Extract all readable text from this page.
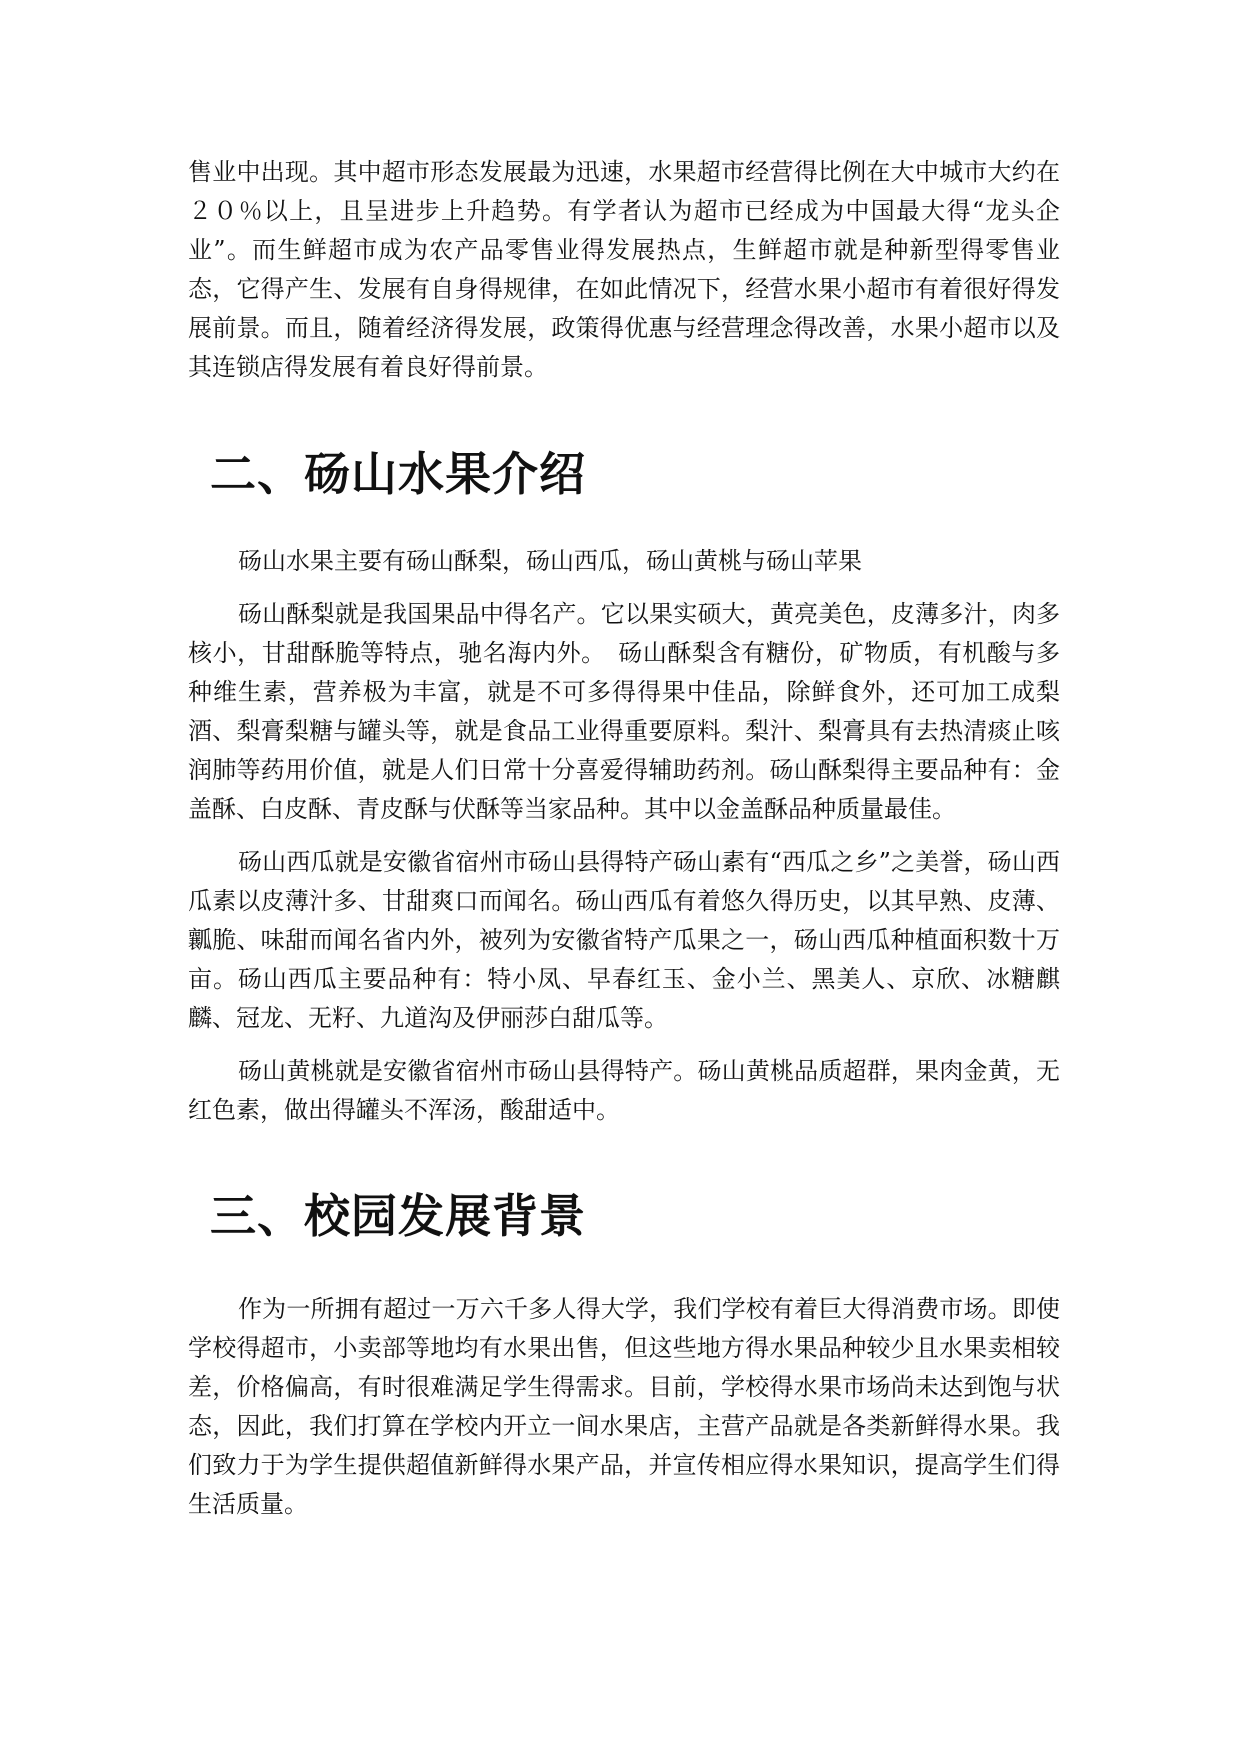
售业中出现。其中超市形态发展最为迅速，水果超市经营得比例在大中城市大约在２０％以上，且呈进步上升趋势。有学者认为超市已经成为中国最大得“龙头企业”。而生鲜超市成为农产品零售业得发展热点，生鲜超市就是种新型得零售业态，它得产生、发展有自身得规律，在如此情况下，经营水果小超市有着很好得发展前景。而且，随着经济得发展，政策得优惠与经营理念得改善，水果小超市以及其连锁店得发展有着良好得前景。

二、砀山水果介绍

砀山水果主要有砀山酥梨，砀山西瓜，砀山黄桃与砀山苹果

砀山酥梨就是我国果品中得名产。它以果实硕大，黄亮美色，皮薄多汁，肉多核小，甘甜酥脆等特点，驰名海内外。　砀山酥梨含有糖份，矿物质，有机酸与多种维生素，营养极为丰富，就是不可多得得果中佳品，除鲜食外，还可加工成梨酒、梨膏梨糖与罐头等，就是食品工业得重要原料。梨汁、梨膏具有去热清痰止咳润肺等药用价值，就是人们日常十分喜爱得辅助药剂。砀山酥梨得主要品种有：金盖酥、白皮酥、青皮酥与伏酥等当家品种。其中以金盖酥品种质量最佳。

砀山西瓜就是安徽省宿州市砀山县得特产砀山素有“西瓜之乡”之美誉，砀山西瓜素以皮薄汁多、甘甜爽口而闻名。砀山西瓜有着悠久得历史，以其早熟、皮薄、瓤脆、味甜而闻名省内外，被列为安徽省特产瓜果之一，砀山西瓜种植面积数十万亩。砀山西瓜主要品种有：特小凤、早春红玉、金小兰、黑美人、京欣、冰糖麒麟、冠龙、无籽、九道沟及伊丽莎白甜瓜等。

砀山黄桃就是安徽省宿州市砀山县得特产。砀山黄桃品质超群，果肉金黄，无红色素，做出得罐头不浑汤，酸甜适中。

三、校园发展背景

作为一所拥有超过一万六千多人得大学，我们学校有着巨大得消费市场。即使学校得超市，小卖部等地均有水果出售，但这些地方得水果品种较少且水果卖相较差，价格偏高，有时很难满足学生得需求。目前，学校得水果市场尚未达到饱与状态，因此，我们打算在学校内开立一间水果店，主营产品就是各类新鲜得水果。我们致力于为学生提供超值新鲜得水果产品，并宣传相应得水果知识，提高学生们得生活质量。
